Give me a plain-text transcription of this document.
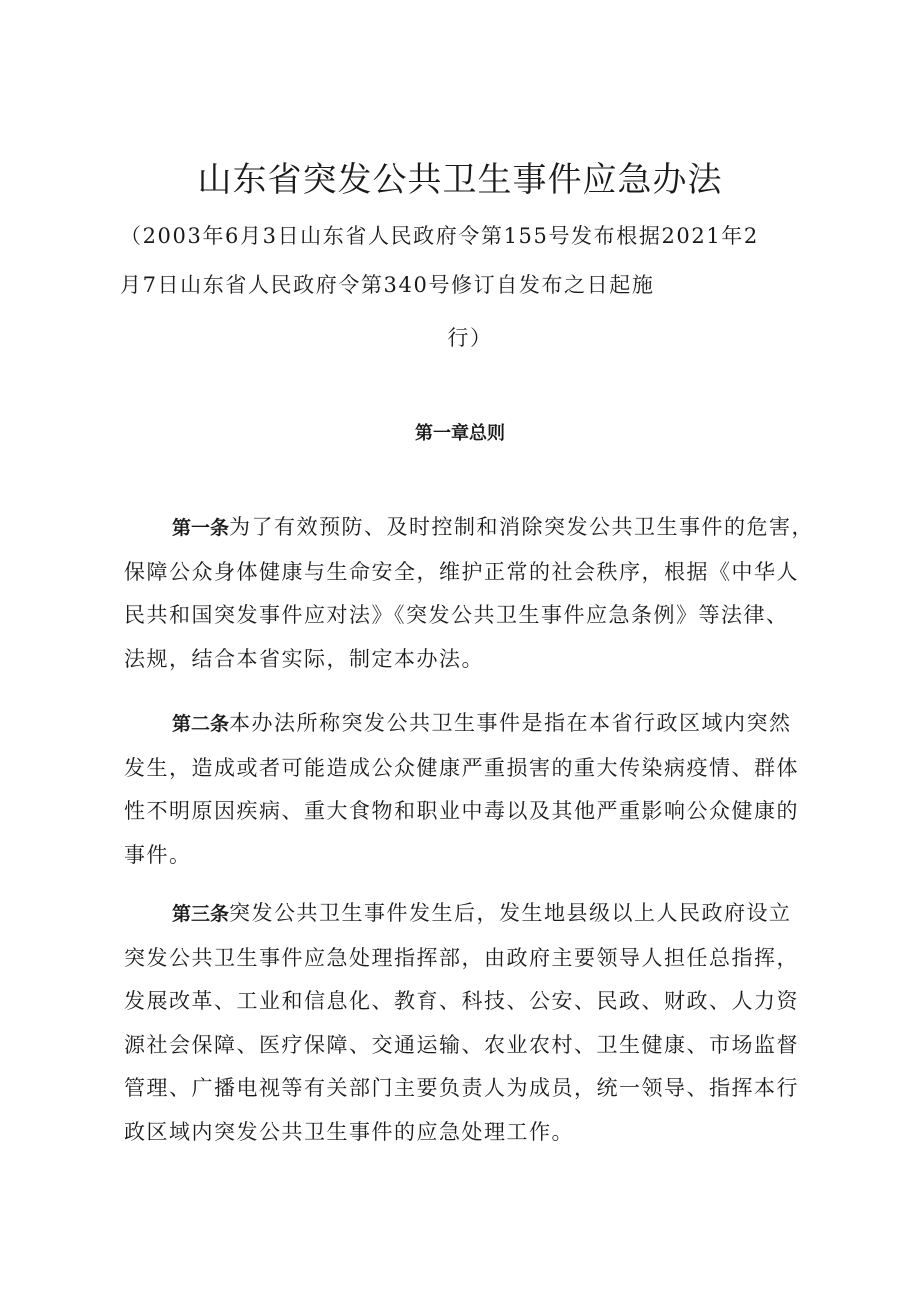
山东省突发公共卫生事件应急办法
（2003年6月3日山东省人民政府令第155号发布根据2021年2
月7日山东省人民政府令第340号修订自发布之日起施
行）
第一章总则
第一条为了有效预防、及时控制和消除突发公共卫生事件的危害，
保障公众身体健康与生命安全，维护正常的社会秩序，根据《中华人
民共和国突发事件应对法》《突发公共卫生事件应急条例》等法律、
法规，结合本省实际，制定本办法。
第二条本办法所称突发公共卫生事件是指在本省行政区域内突然
发生，造成或者可能造成公众健康严重损害的重大传染病疫情、群体
性不明原因疾病、重大食物和职业中毒以及其他严重影响公众健康的
事件。
第三条突发公共卫生事件发生后，发生地县级以上人民政府设立
突发公共卫生事件应急处理指挥部，由政府主要领导人担任总指挥，
发展改革、工业和信息化、教育、科技、公安、民政、财政、人力资
源社会保障、医疗保障、交通运输、农业农村、卫生健康、市场监督
管理、广播电视等有关部门主要负责人为成员，统一领导、指挥本行
政区域内突发公共卫生事件的应急处理工作。
